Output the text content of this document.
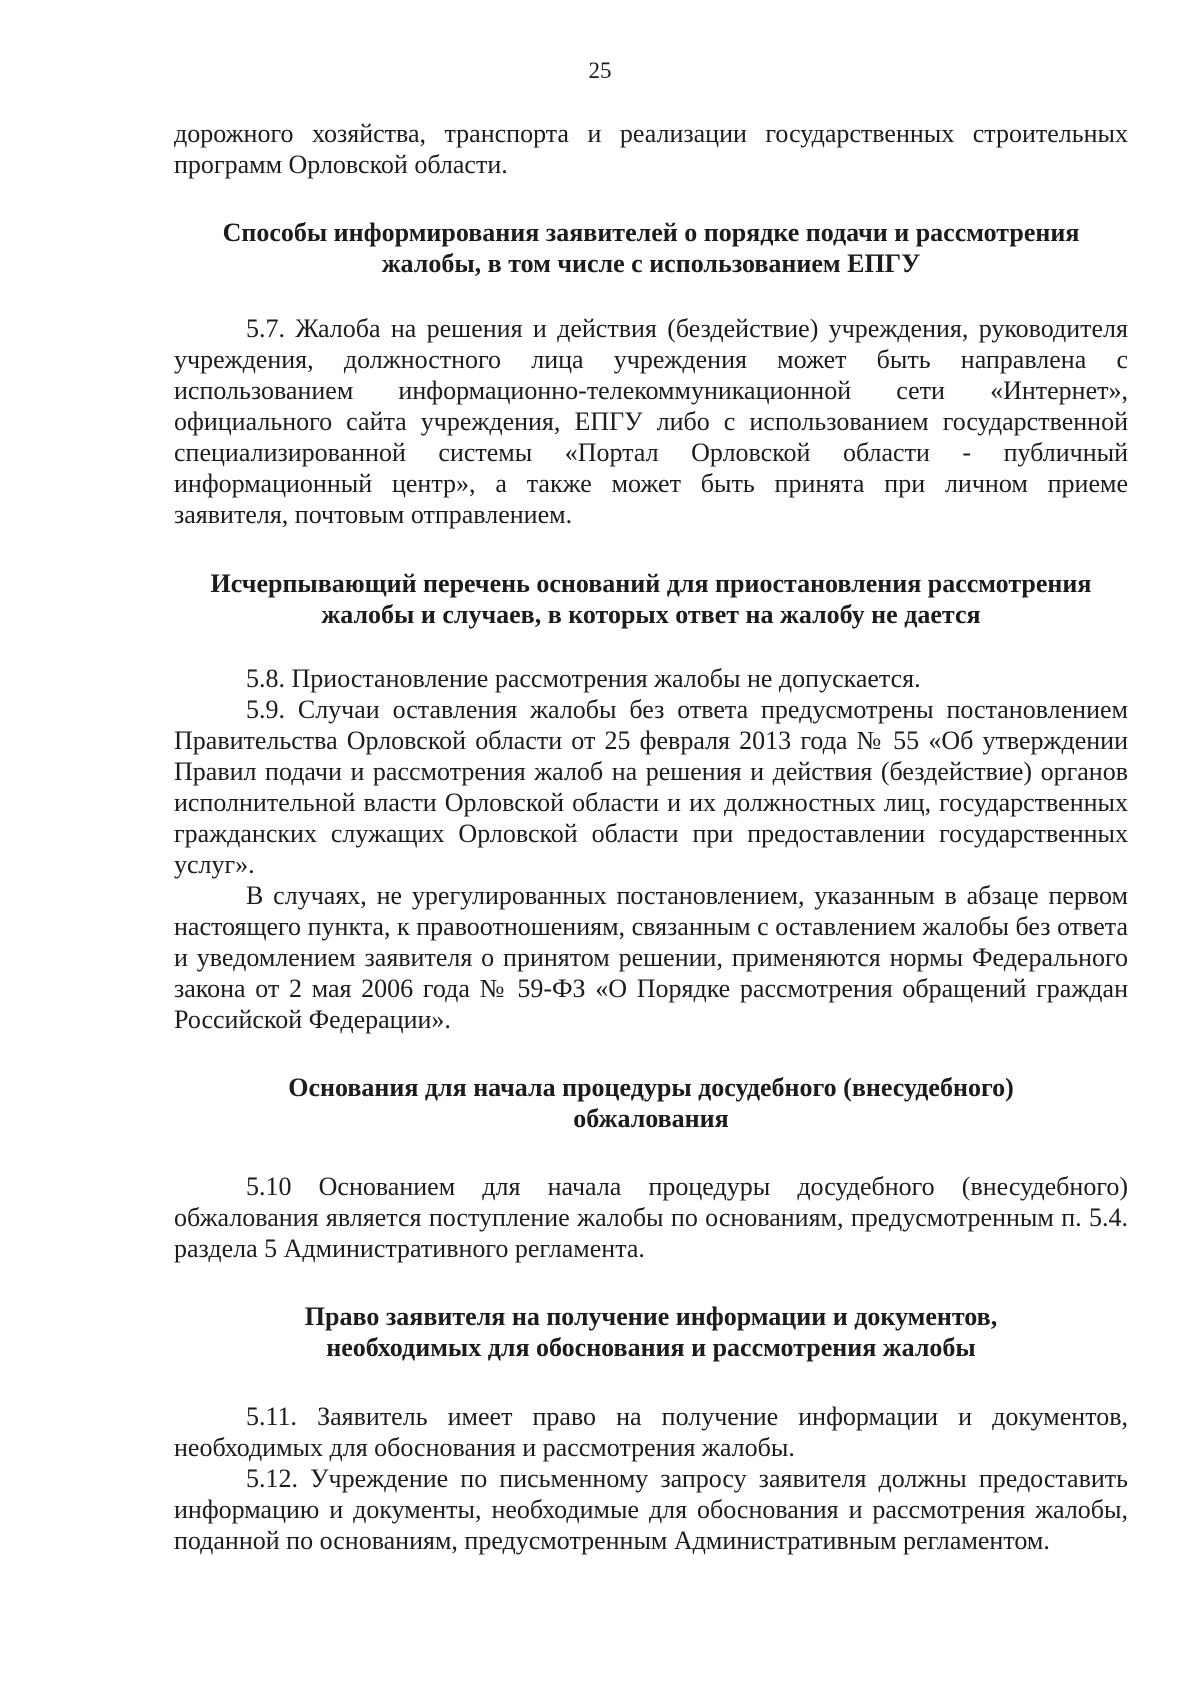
25

дорожного хозяйства, транспорта и реализации государственных строительных программ Орловской области.

Способы информирования заявителей о порядке подачи и рассмотрения
жалобы, в том числе с использованием ЕПГУ

5.7. Жалоба на решения и действия (бездействие) учреждения, руководителя учреждения, должностного лица учреждения может быть направлена с использованием информационно-телекоммуникационной сети «Интернет», официального сайта учреждения, ЕПГУ либо с использованием государственной специализированной системы «Портал Орловской области - публичный информационный центр», а также может быть принята при личном приеме заявителя, почтовым отправлением.

Исчерпывающий перечень оснований для приостановления рассмотрения
жалобы и случаев, в которых ответ на жалобу не дается

5.8. Приостановление рассмотрения жалобы не допускается.

5.9. Случаи оставления жалобы без ответа предусмотрены постановлением Правительства Орловской области от 25 февраля 2013 года № 55 «Об утверждении Правил подачи и рассмотрения жалоб на решения и действия (бездействие) органов исполнительной власти Орловской области и их должностных лиц, государственных гражданских служащих Орловской области при предоставлении государственных услуг».

В случаях, не урегулированных постановлением, указанным в абзаце первом настоящего пункта, к правоотношениям, связанным с оставлением жалобы без ответа и уведомлением заявителя о принятом решении, применяются нормы Федерального закона от 2 мая 2006 года № 59-ФЗ «О Порядке рассмотрения обращений граждан Российской Федерации».

Основания для начала процедуры досудебного (внесудебного)
обжалования

5.10 Основанием для начала процедуры досудебного (внесудебного) обжалования является поступление жалобы по основаниям, предусмотренным п. 5.4. раздела 5 Административного регламента.

Право заявителя на получение информации и документов,
необходимых для обоснования и рассмотрения жалобы

5.11. Заявитель имеет право на получение информации и документов, необходимых для обоснования и рассмотрения жалобы.

5.12. Учреждение по письменному запросу заявителя должны предоставить информацию и документы, необходимые для обоснования и рассмотрения жалобы, поданной по основаниям, предусмотренным Административным регламентом.
